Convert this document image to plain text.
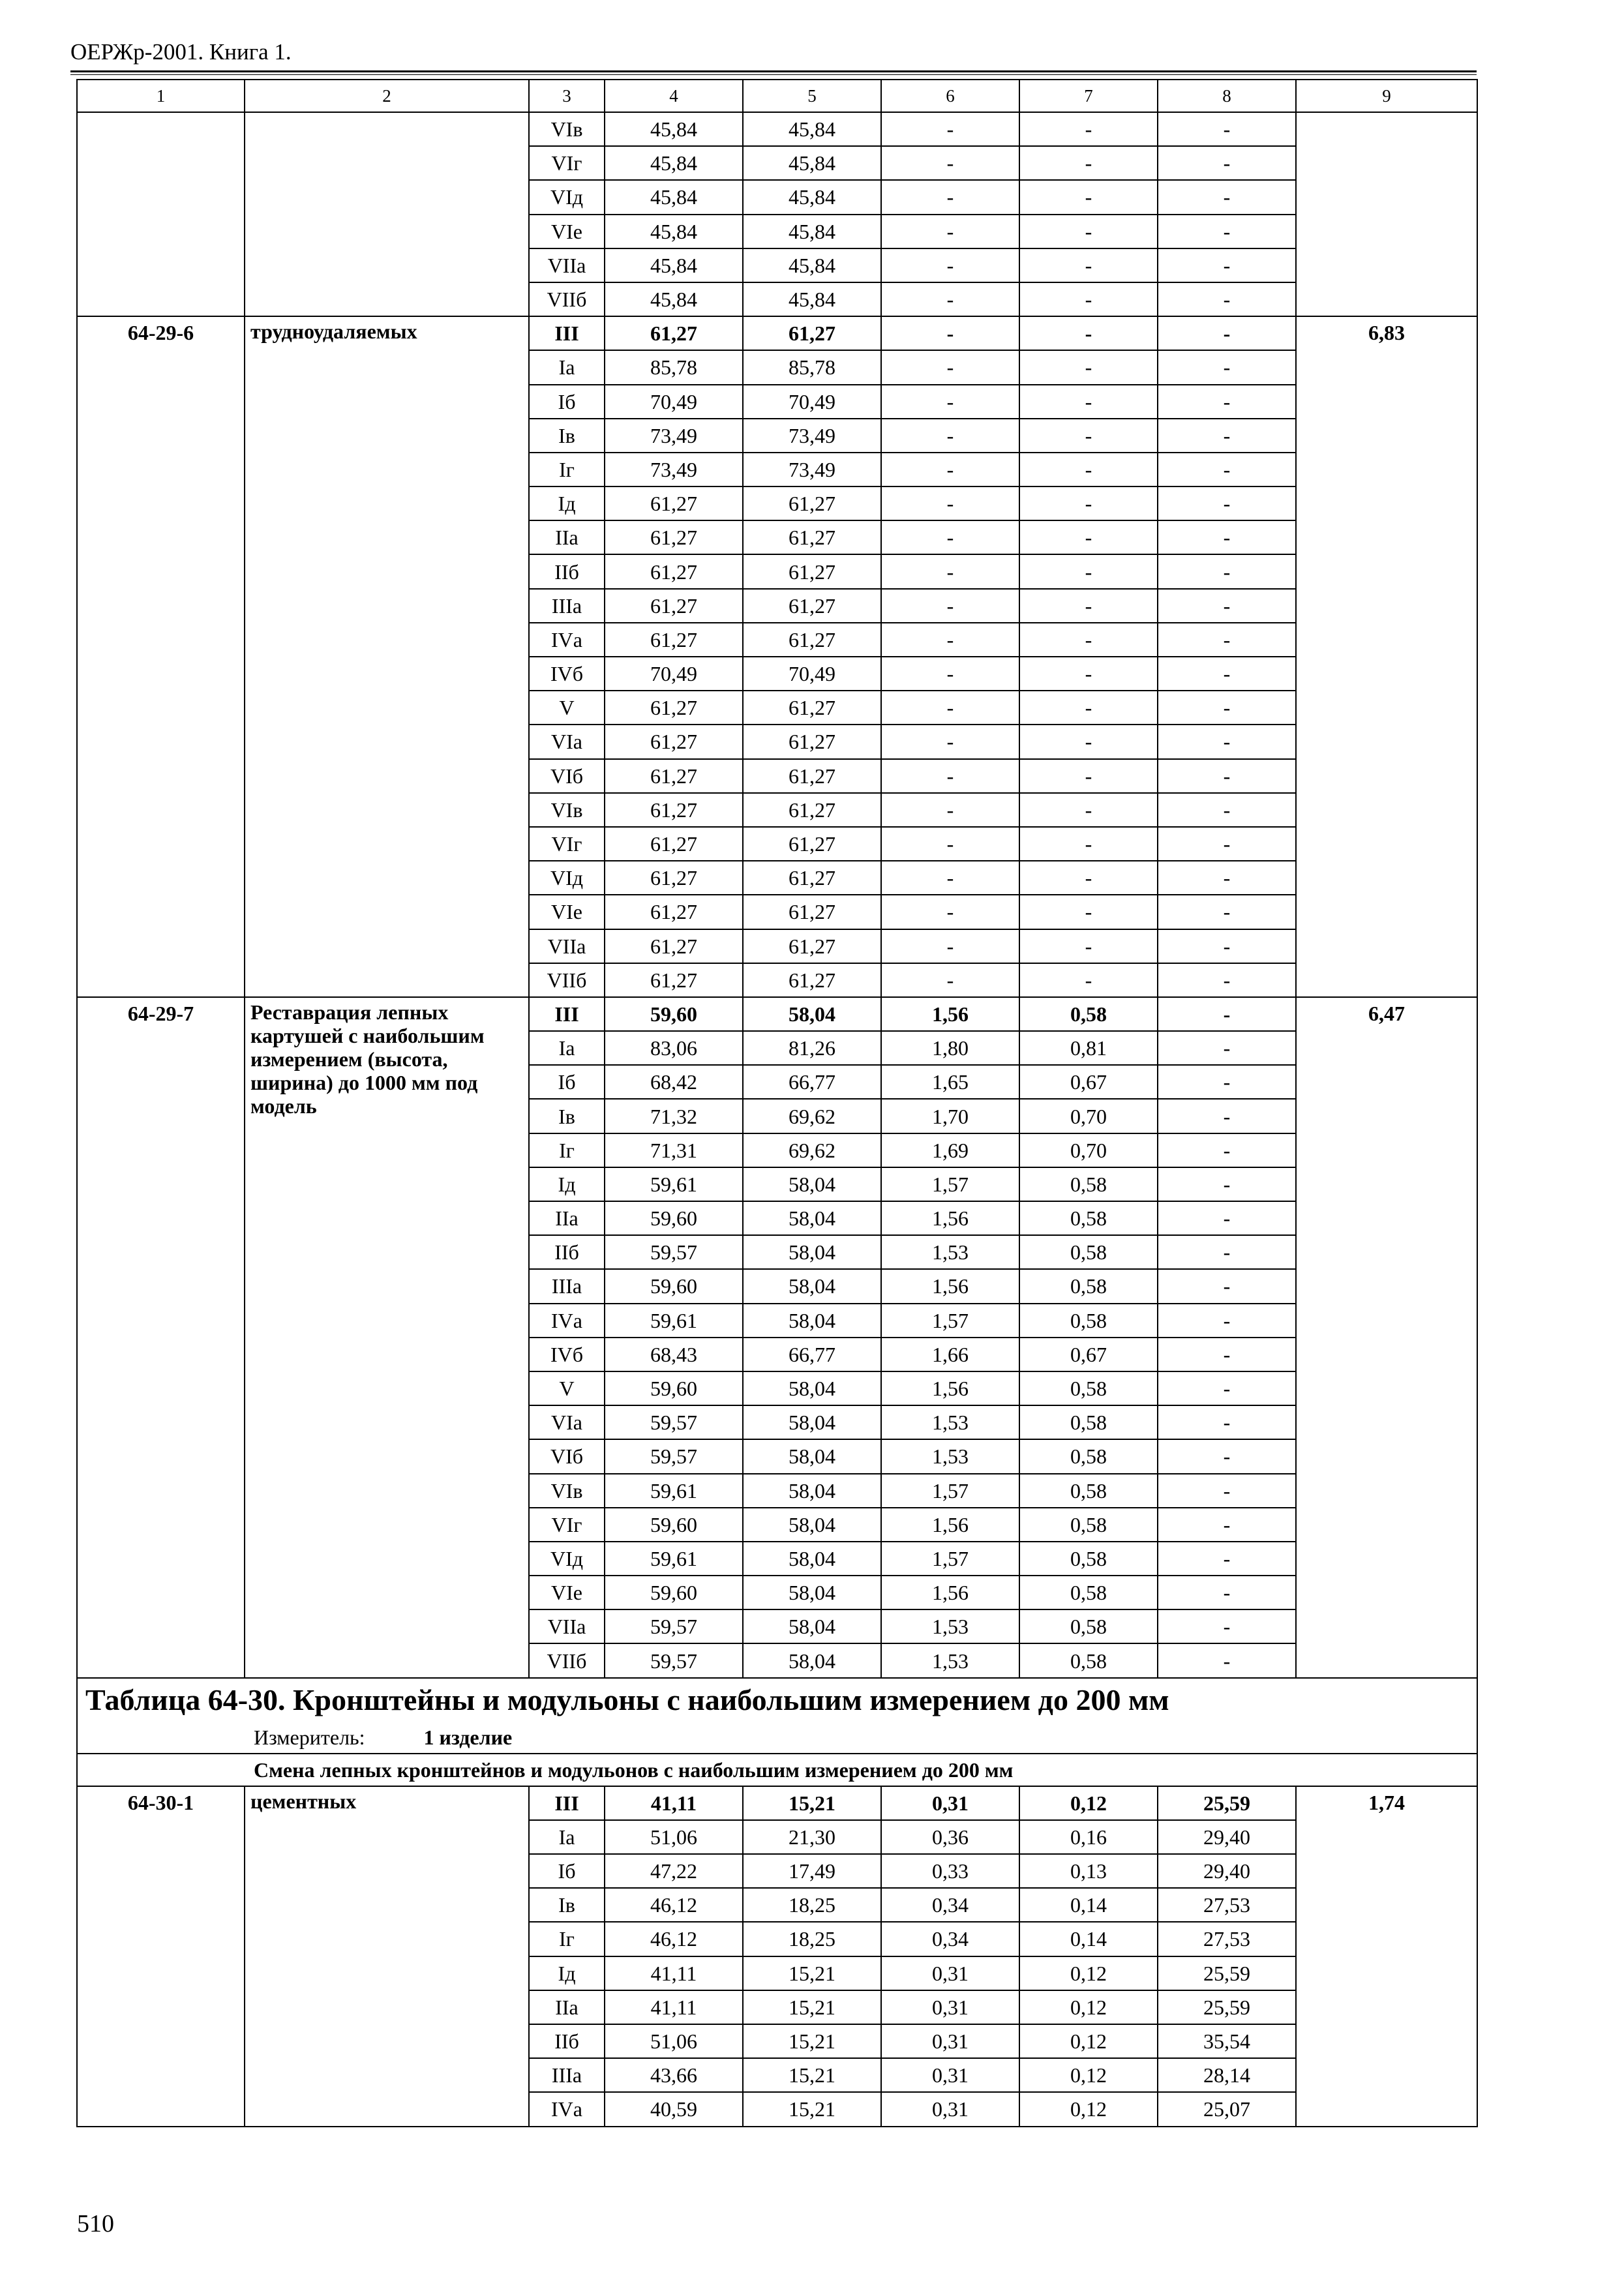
ОЕРЖр-2001. Книга 1.
1	2	3	4	5	6	7	8	9
		VIв	45,84	45,84	-	-	-	
		VIг	45,84	45,84	-	-	-	
		VIд	45,84	45,84	-	-	-	
		VIе	45,84	45,84	-	-	-	
		VIIа	45,84	45,84	-	-	-	
		VIIб	45,84	45,84	-	-	-	
64-29-6	трудноудаляемых	III	61,27	61,27	-	-	-	6,83
		Iа	85,78	85,78	-	-	-	
		Iб	70,49	70,49	-	-	-	
		Iв	73,49	73,49	-	-	-	
		Iг	73,49	73,49	-	-	-	
		Iд	61,27	61,27	-	-	-	
		IIа	61,27	61,27	-	-	-	
		IIб	61,27	61,27	-	-	-	
		IIIа	61,27	61,27	-	-	-	
		IVа	61,27	61,27	-	-	-	
		IVб	70,49	70,49	-	-	-	
		V	61,27	61,27	-	-	-	
		VIа	61,27	61,27	-	-	-	
		VIб	61,27	61,27	-	-	-	
		VIв	61,27	61,27	-	-	-	
		VIг	61,27	61,27	-	-	-	
		VIд	61,27	61,27	-	-	-	
		VIе	61,27	61,27	-	-	-	
		VIIа	61,27	61,27	-	-	-	
		VIIб	61,27	61,27	-	-	-	
64-29-7	Реставрация лепных картушей с наибольшим измерением (высота, ширина) до 1000 мм под модель	III	59,60	58,04	1,56	0,58	-	6,47
		Iа	83,06	81,26	1,80	0,81	-	
		Iб	68,42	66,77	1,65	0,67	-	
		Iв	71,32	69,62	1,70	0,70	-	
		Iг	71,31	69,62	1,69	0,70	-	
		Iд	59,61	58,04	1,57	0,58	-	
		IIа	59,60	58,04	1,56	0,58	-	
		IIб	59,57	58,04	1,53	0,58	-	
		IIIа	59,60	58,04	1,56	0,58	-	
		IVа	59,61	58,04	1,57	0,58	-	
		IVб	68,43	66,77	1,66	0,67	-	
		V	59,60	58,04	1,56	0,58	-	
		VIа	59,57	58,04	1,53	0,58	-	
		VIб	59,57	58,04	1,53	0,58	-	
		VIв	59,61	58,04	1,57	0,58	-	
		VIг	59,60	58,04	1,56	0,58	-	
		VIд	59,61	58,04	1,57	0,58	-	
		VIе	59,60	58,04	1,56	0,58	-	
		VIIа	59,57	58,04	1,53	0,58	-	
		VIIб	59,57	58,04	1,53	0,58	-	
Таблица 64-30. Кронштейны и модульоны с наибольшим измерением до 200 мм								
Измеритель: 1 изделие								
Смена лепных кронштейнов и модульонов с наибольшим измерением до 200 мм								
64-30-1	цементных	III	41,11	15,21	0,31	0,12	25,59	1,74
		Iа	51,06	21,30	0,36	0,16	29,40	
		Iб	47,22	17,49	0,33	0,13	29,40	
		Iв	46,12	18,25	0,34	0,14	27,53	
		Iг	46,12	18,25	0,34	0,14	27,53	
		Iд	41,11	15,21	0,31	0,12	25,59	
		IIа	41,11	15,21	0,31	0,12	25,59	
		IIб	51,06	15,21	0,31	0,12	35,54	
		IIIа	43,66	15,21	0,31	0,12	28,14	
		IVа	40,59	15,21	0,31	0,12	25,07	
510
